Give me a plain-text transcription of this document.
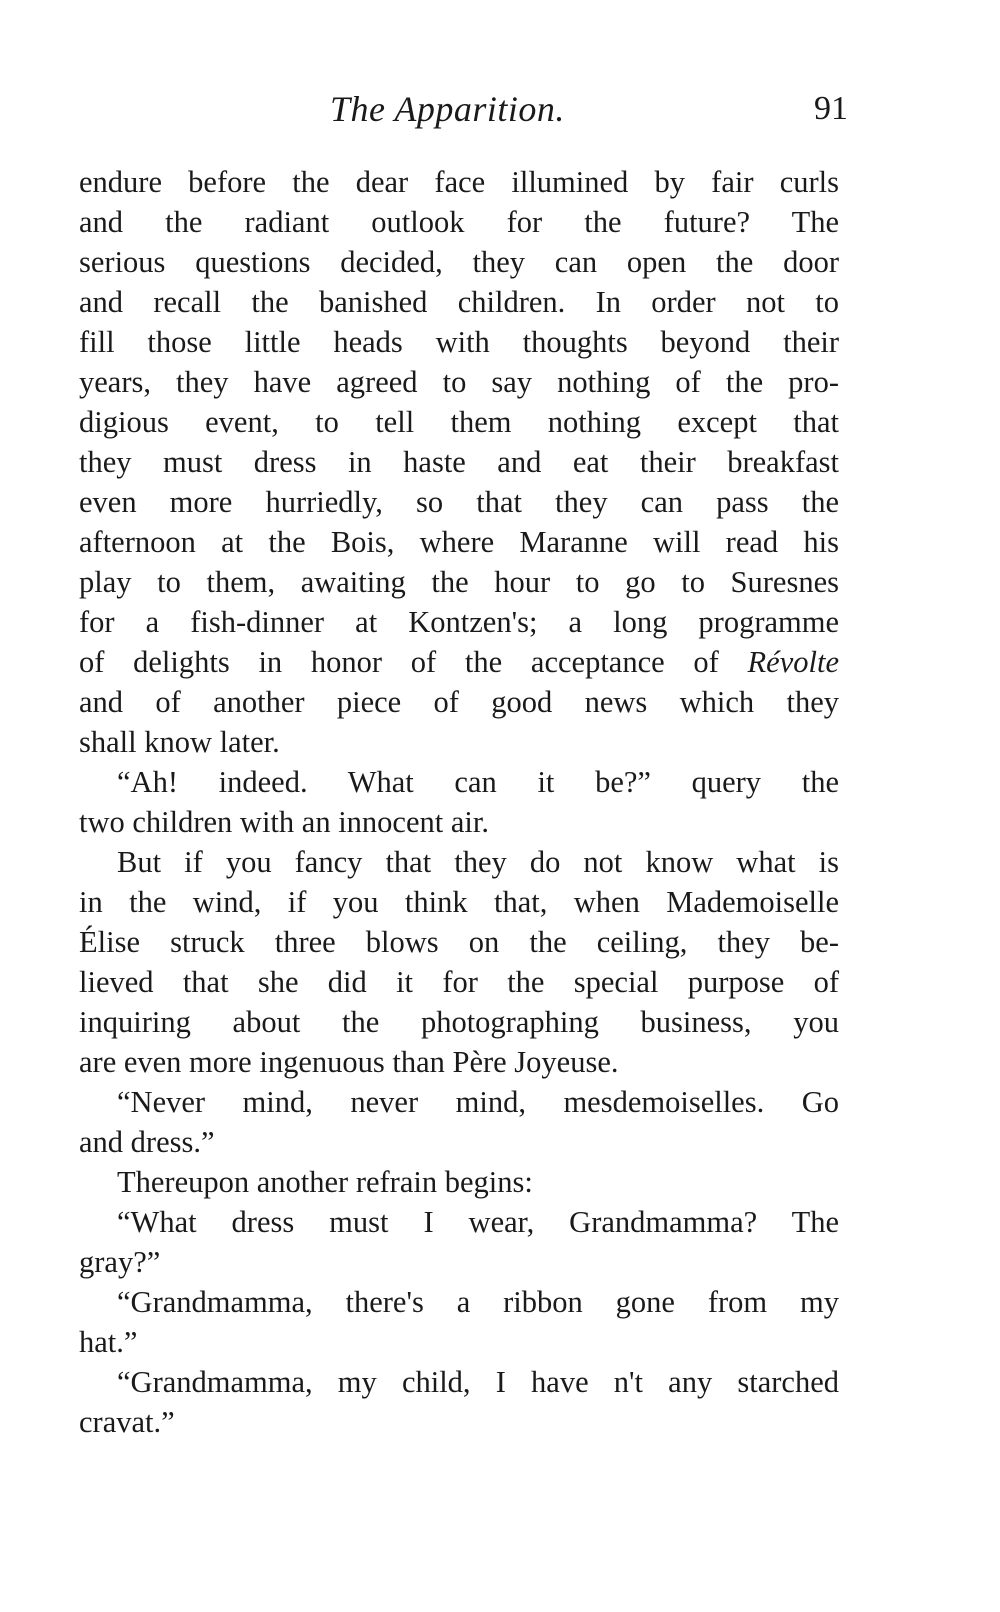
The Apparition.	91
endure before the dear face illumined by fair curls
and the radiant outlook for the future? The
serious questions decided, they can open the door
and recall the banished children. In order not to
fill those little heads with thoughts beyond their
years, they have agreed to say nothing of the pro-
digious event, to tell them nothing except that
they must dress in haste and eat their breakfast
even more hurriedly, so that they can pass the
afternoon at the Bois, where Maranne will read his
play to them, awaiting the hour to go to Suresnes
for a fish-dinner at Kontzen's; a long programme
of delights in honor of the acceptance of Révolte
and of another piece of good news which they
shall know later.
“Ah! indeed. What can it be?” query the
two children with an innocent air.
But if you fancy that they do not know what is
in the wind, if you think that, when Mademoiselle
Élise struck three blows on the ceiling, they be-
lieved that she did it for the special purpose of
inquiring about the photographing business, you
are even more ingenuous than Père Joyeuse.
“Never mind, never mind, mesdemoiselles. Go
and dress.”
Thereupon another refrain begins:
“What dress must I wear, Grandmamma? The
gray?”
“Grandmamma, there's a ribbon gone from my
hat.”
“Grandmamma, my child, I have n't any starched
cravat.”
